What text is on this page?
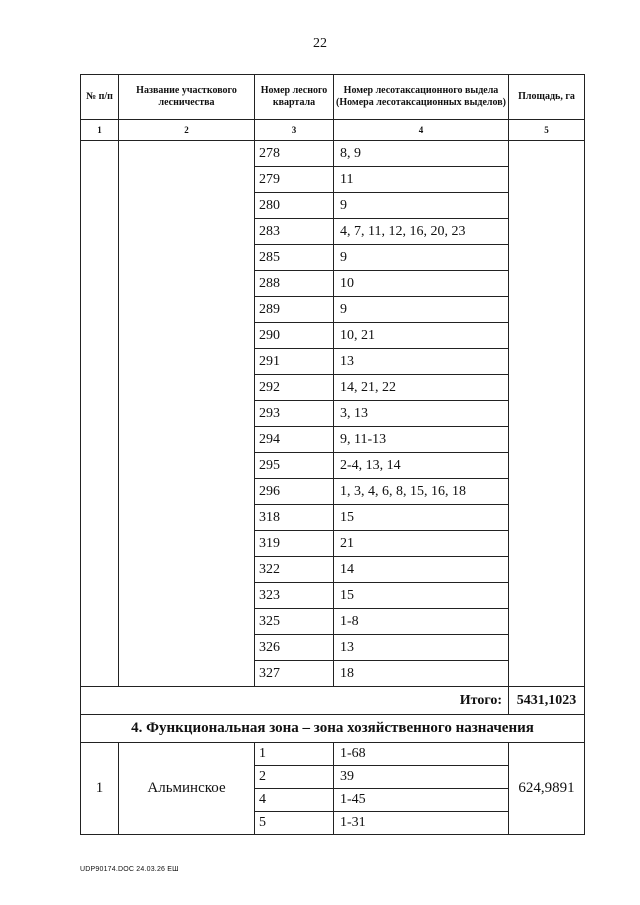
22
№ п/п	Название участкового лесничества	Номер лесного квартала	Номер лесотаксационного выдела (Номера лесотаксационных выделов)	Площадь, га
1	2	3	4	5
		278	8, 9	
		279	11	
		280	9	
		283	4, 7, 11, 12, 16, 20, 23	
		285	9	
		288	10	
		289	9	
		290	10, 21	
		291	13	
		292	14, 21, 22	
		293	3, 13	
		294	9, 11-13	
		295	2-4, 13, 14	
		296	1, 3, 4, 6, 8, 15, 16, 18	
		318	15	
		319	21	
		322	14	
		323	15	
		325	1-8	
		326	13	
		327	18	
Итого:				5431,1023
4. Функциональная зона – зона хозяйственного назначения				
1	Альминское	1	1-68	624,9891
		2	39	
		4	1-45	
		5	1-31	
UDP90174.DOC 24.03.26 ЕШ
